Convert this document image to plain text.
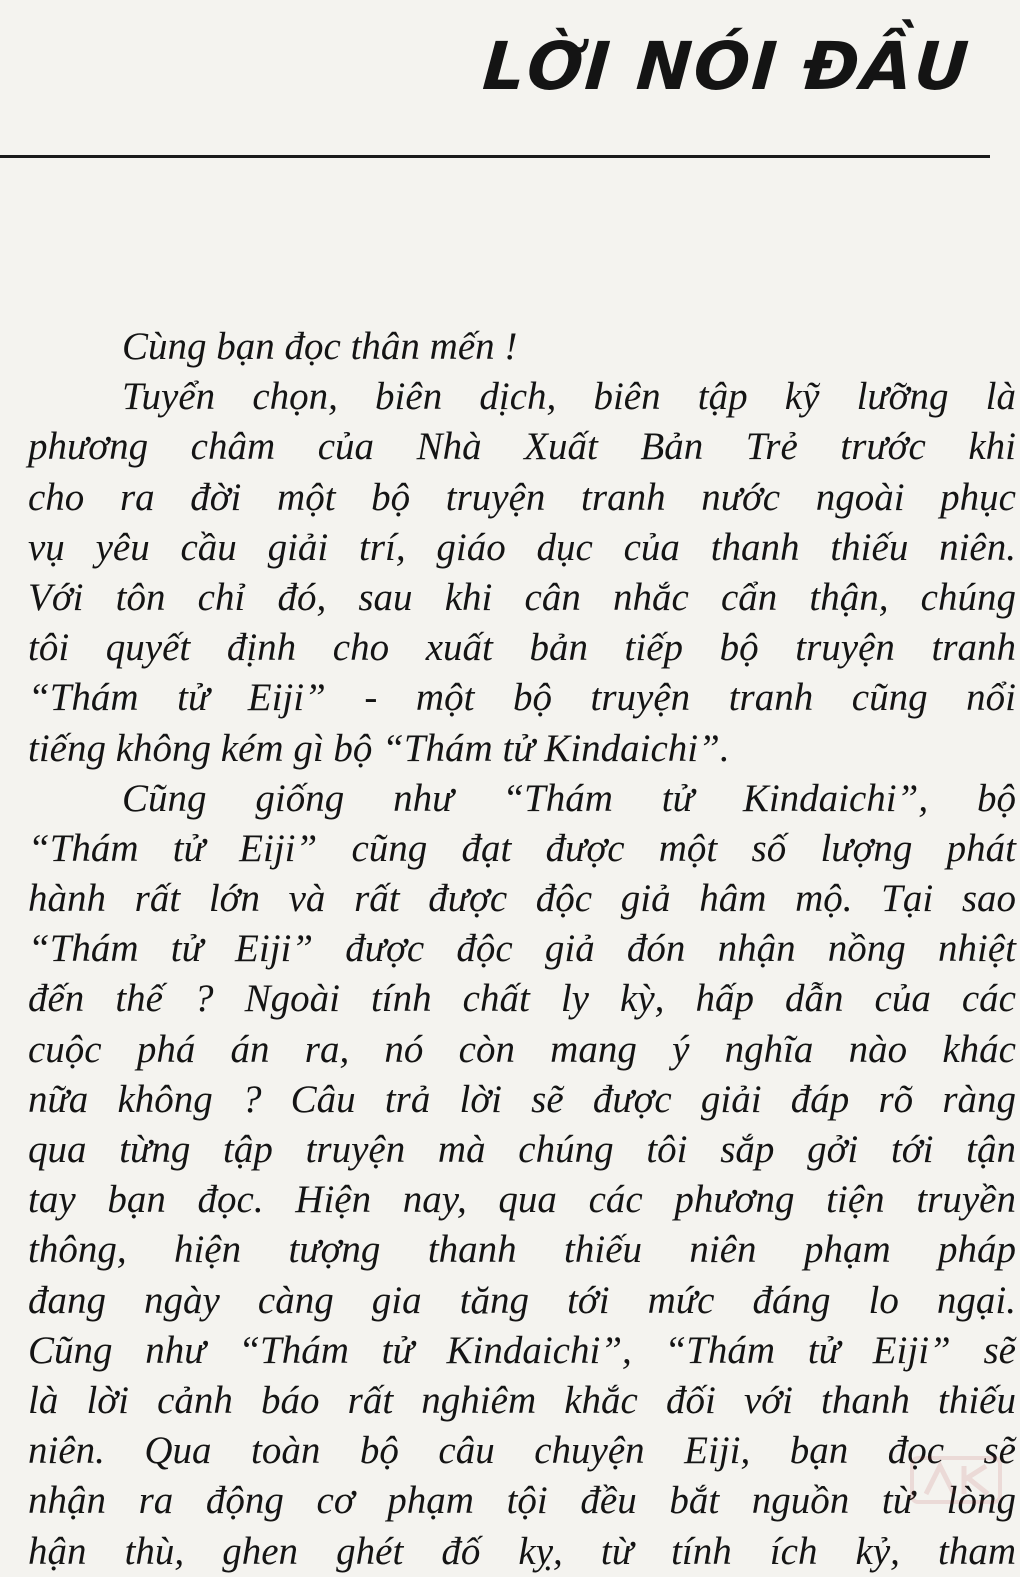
LỜI NÓI ĐẦU
Cùng bạn đọc thân mến !
Tuyển chọn, biên dịch, biên tập kỹ lưỡng là
phương châm của Nhà Xuất Bản Trẻ trước khi
cho ra đời một bộ truyện tranh nước ngoài phục
vụ yêu cầu giải trí, giáo dục của thanh thiếu niên.
Với tôn chỉ đó, sau khi cân nhắc cẩn thận, chúng
tôi quyết định cho xuất bản tiếp bộ truyện tranh
“Thám tử Eiji” - một bộ truyện tranh cũng nổi
tiếng không kém gì bộ “Thám tử Kindaichi”.
Cũng giống như “Thám tử Kindaichi”, bộ
“Thám tử Eiji” cũng đạt được một số lượng phát
hành rất lớn và rất được độc giả hâm mộ. Tại sao
“Thám tử Eiji” được độc giả đón nhận nồng nhiệt
đến thế ? Ngoài tính chất ly kỳ, hấp dẫn của các
cuộc phá án ra, nó còn mang ý nghĩa nào khác
nữa không ? Câu trả lời sẽ được giải đáp rõ ràng
qua từng tập truyện mà chúng tôi sắp gởi tới tận
tay bạn đọc. Hiện nay, qua các phương tiện truyền
thông, hiện tượng thanh thiếu niên phạm pháp
đang ngày càng gia tăng tới mức đáng lo ngại.
Cũng như “Thám tử Kindaichi”, “Thám tử Eiji” sẽ
là lời cảnh báo rất nghiêm khắc đối với thanh thiếu
niên. Qua toàn bộ câu chuyện Eiji, bạn đọc sẽ
nhận ra động cơ phạm tội đều bắt nguồn từ lòng
hận thù, ghen ghét đố kỵ, từ tính ích kỷ, tham
